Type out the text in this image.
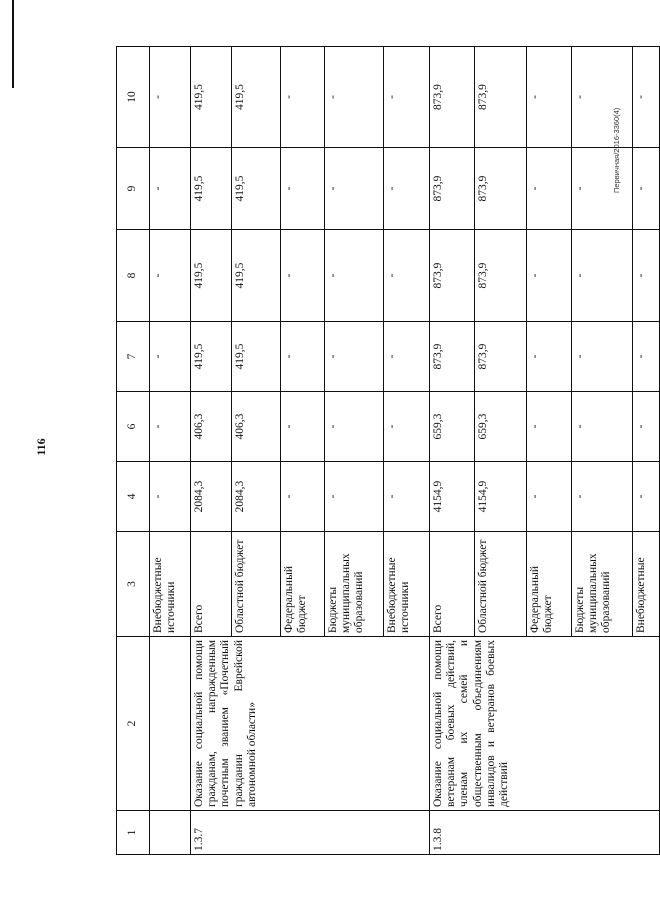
116
Первичная/2016-3360(4)
1	2	3	4	6	7	8	9	10
		Внебюджетные источники	-	-	-	-	-	-
1.3.7	Оказание социальной помощи гражданам, награжденным почетным званием «Почетный гражданин Еврейской автономной области»	Всего	2084,3	406,3	419,5	419,5	419,5	419,5
		Областной бюджет	2084,3	406,3	419,5	419,5	419,5	419,5
		Федеральный бюджет	-	-	-	-	-	-
		Бюджеты муниципальных образований	-	-	-	-	-	-
		Внебюджетные источники	-	-	-	-	-	-
1.3.8	Оказание социальной помощи ветеранам боевых действий, членам их семей и общественным объединениям инвалидов и ветеранов боевых действий	Всего	4154,9	659,3	873,9	873,9	873,9	873,9
		Областной бюджет	4154,9	659,3	873,9	873,9	873,9	873,9
		Федеральный бюджет	-	-	-	-	-	-
		Бюджеты муниципальных образований	-	-	-	-	-	-
		Внебюджетные	-	-	-	-	-	-
